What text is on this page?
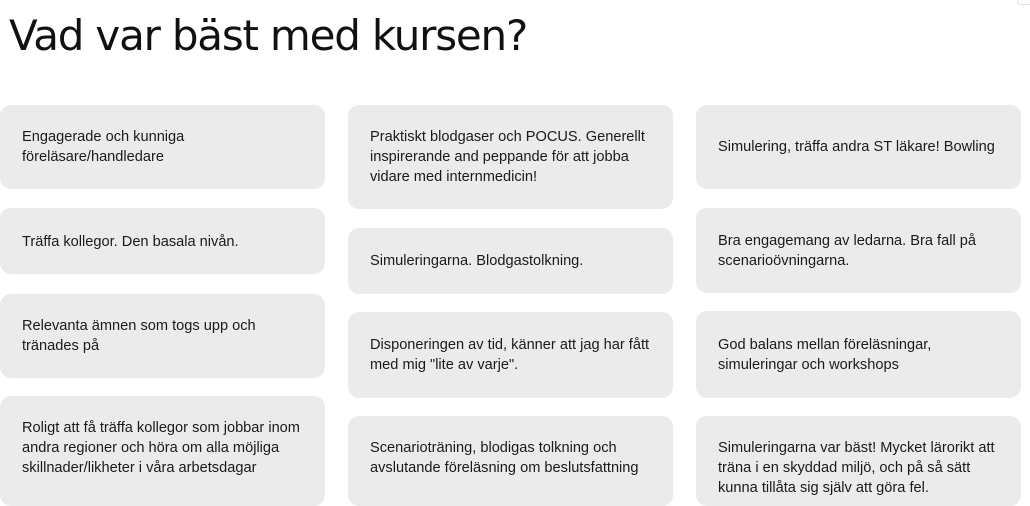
Vad var bäst med kursen?
Engagerade och kunniga föreläsare/handledare
Träffa kollegor. Den basala nivån.
Relevanta ämnen som togs upp och tränades på
Roligt att få träffa kollegor som jobbar inom andra regioner och höra om alla möjliga skillnader/likheter i våra arbetsdagar
Praktiskt blodgaser och POCUS. Generellt inspirerande and peppande för att jobba vidare med internmedicin!
Simuleringarna. Blodgastolkning.
Disponeringen av tid, känner att jag har fått med mig "lite av varje".
Scenarioträning, blodigas tolkning och avslutande föreläsning om beslutsfattning
Simulering, träffa andra ST läkare! Bowling
Bra engagemang av ledarna. Bra fall på scenarioövningarna.
God balans mellan föreläsningar, simuleringar och workshops
Simuleringarna var bäst! Mycket lärorikt att träna i en skyddad miljö, och på så sätt kunna tillåta sig själv att göra fel.
